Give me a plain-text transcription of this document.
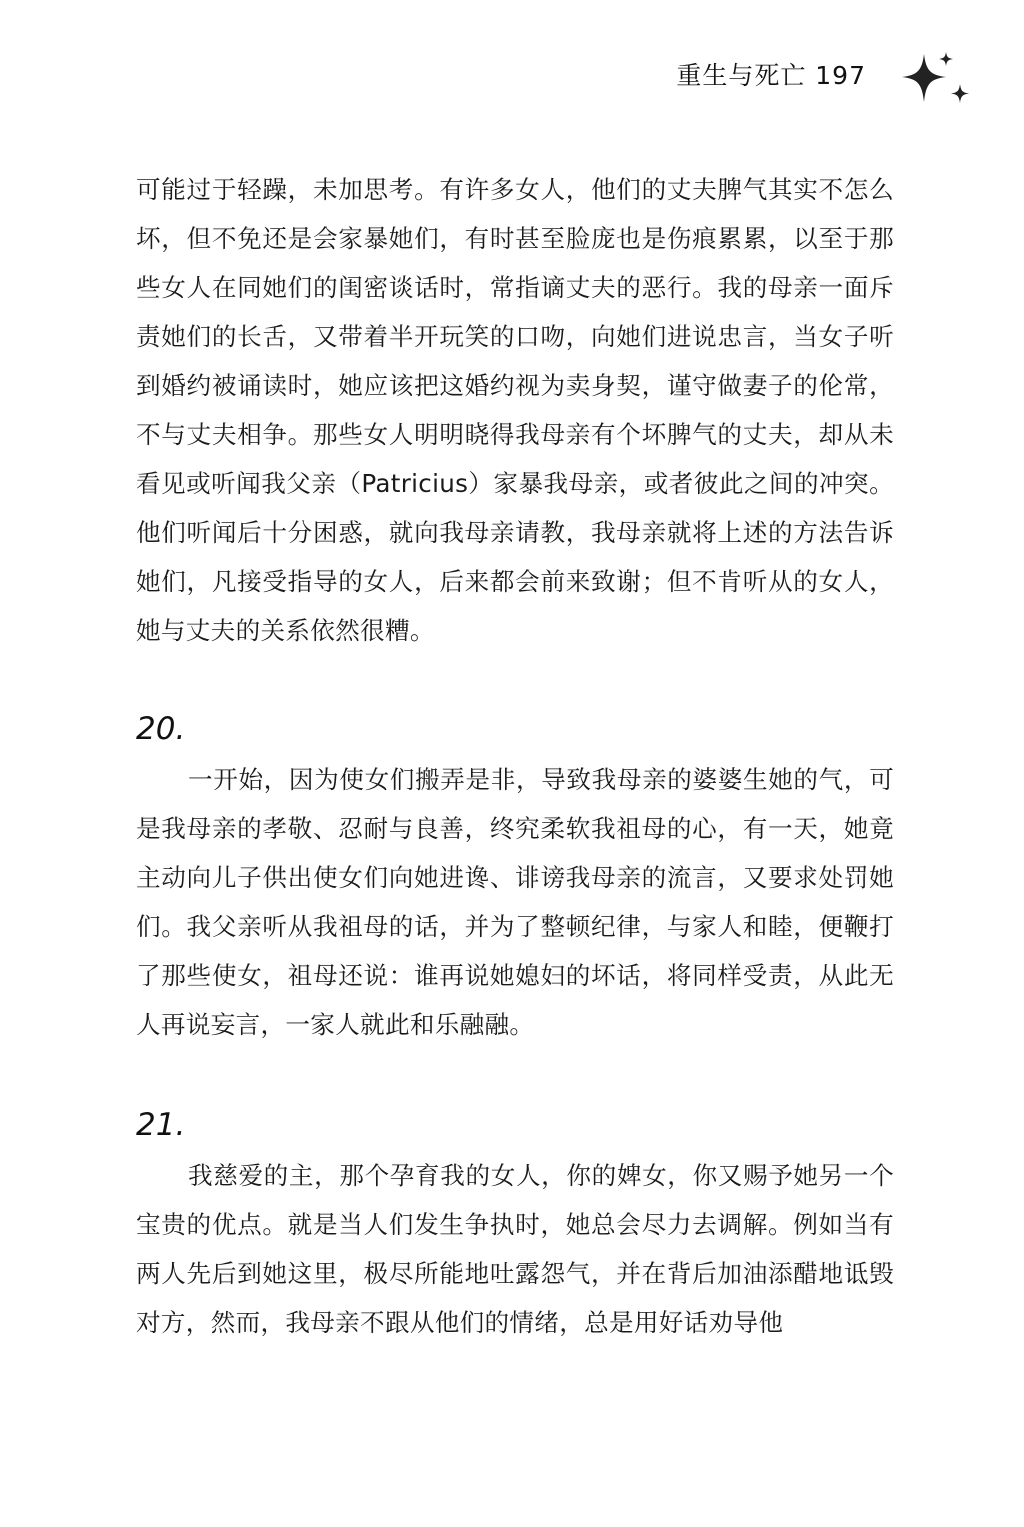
重生与死亡 197

可能过于轻躁，未加思考。有许多女人，他们的丈夫脾气其实不怎么坏，但不免还是会家暴她们，有时甚至脸庞也是伤痕累累，以至于那些女人在同她们的闺密谈话时，常指谪丈夫的恶行。我的母亲一面斥责她们的长舌，又带着半开玩笑的口吻，向她们进说忠言，当女子听到婚约被诵读时，她应该把这婚约视为卖身契，谨守做妻子的伦常，不与丈夫相争。那些女人明明晓得我母亲有个坏脾气的丈夫，却从未看见或听闻我父亲（Patricius）家暴我母亲，或者彼此之间的冲突。他们听闻后十分困惑，就向我母亲请教，我母亲就将上述的方法告诉她们，凡接受指导的女人，后来都会前来致谢；但不肯听从的女人，她与丈夫的关系依然很糟。

20.

一开始，因为使女们搬弄是非，导致我母亲的婆婆生她的气，可是我母亲的孝敬、忍耐与良善，终究柔软我祖母的心，有一天，她竟主动向儿子供出使女们向她进谗、诽谤我母亲的流言，又要求处罚她们。我父亲听从我祖母的话，并为了整顿纪律，与家人和睦，便鞭打了那些使女，祖母还说：谁再说她媳妇的坏话，将同样受责，从此无人再说妄言，一家人就此和乐融融。

21.

我慈爱的主，那个孕育我的女人，你的婢女，你又赐予她另一个宝贵的优点。就是当人们发生争执时，她总会尽力去调解。例如当有两人先后到她这里，极尽所能地吐露怨气，并在背后加油添醋地诋毁对方，然而，我母亲不跟从他们的情绪，总是用好话劝导他
